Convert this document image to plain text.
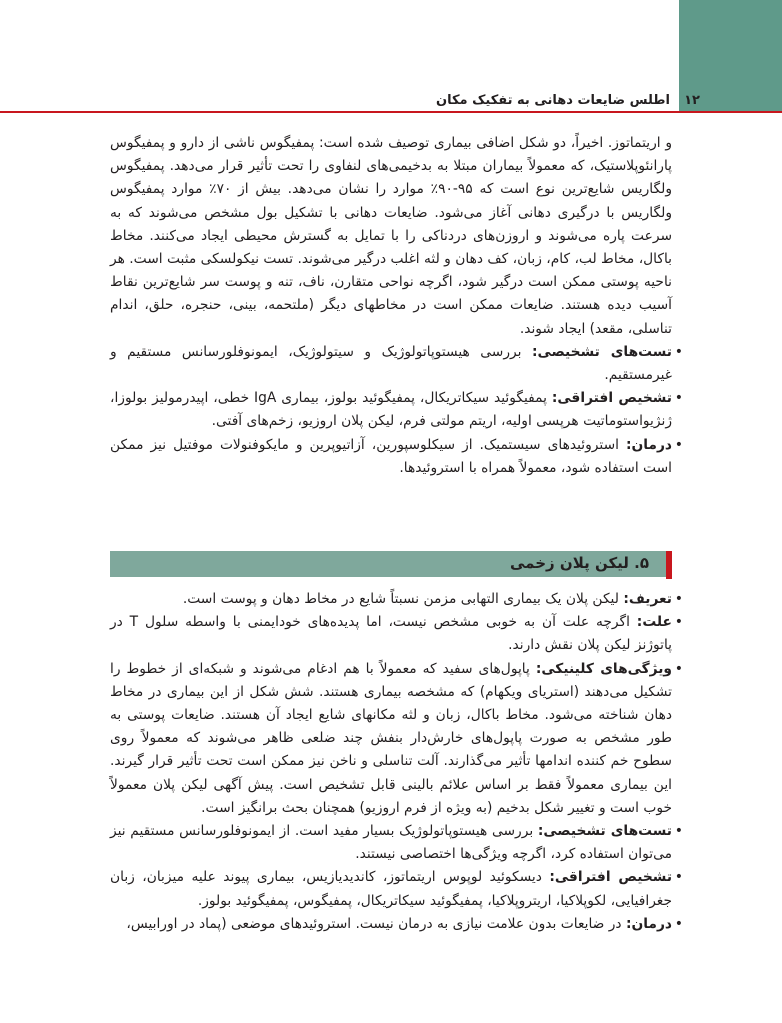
۱۲
اطلس ضایعات دهانی به تفکیک مکان

و اریتماتوز. اخیراً، دو شکل اضافی بیماری توصیف شده است: پمفیگوس ناشی از دارو و پمفیگوس پارانئوپلاستیک، که معمولاً بیماران مبتلا به بدخیمی‌های لنفاوی را تحت تأثیر قرار می‌دهد. پمفیگوس ولگاریس شایع‌ترین نوع است که ۹۵-۹۰٪ موارد را نشان می‌دهد. بیش از ۷۰٪ موارد پمفیگوس ولگاریس با درگیری دهانی آغاز می‌شود. ضایعات دهانی با تشکیل بول مشخص می‌شوند که به سرعت پاره می‌شوند و اروزن‌های دردناکی را با تمایل به گسترش محیطی ایجاد می‌کنند. مخاط باکال، مخاط لب، کام، زبان، کف دهان و لثه اغلب درگیر می‌شوند. تست نیکولسکی مثبت است. هر ناحیه پوستی ممکن است درگیر شود، اگرچه نواحی متقارن، ناف، تنه و پوست سر شایع‌ترین نقاط آسیب دیده هستند. ضایعات ممکن است در مخاطهای دیگر (ملتحمه، بینی، حنجره، حلق، اندام تناسلی، مقعد) ایجاد شوند.

•
تست‌های تشخیصی: بررسی هیستوپاتولوژیک و سیتولوژیک، ایمونوفلورسانس مستقیم و غیرمستقیم.
•
تشخیص افتراقی: پمفیگوئید سیکاتریکال، پمفیگوئید بولوز، بیماری IgA خطی، اپیدرمولیز بولوزا، ژنژیواستوماتیت هرپسی اولیه، اریتم مولتی فرم، لیکن پلان اروزیو، زخم‌های آفتی.
•
درمان: استروئیدهای سیستمیک. از سیکلوسپورین، آزاتیوپرین و مایکوفنولات موفتیل نیز ممکن است استفاده شود، معمولاً همراه با استروئیدها.
۵. لیکن پلان زخمی
•
تعریف: لیکن پلان یک بیماری التهابی مزمن نسبتاً شایع در مخاط دهان و پوست است.
•
علت: اگرچه علت آن به خوبی مشخص نیست، اما پدیده‌های خودایمنی با واسطه سلول T در پاتوژنز لیکن پلان نقش دارند.
•
ویژگی‌های کلینیکی: پاپول‌های سفید که معمولاً با هم ادغام می‌شوند و شبکه‌ای از خطوط را تشکیل می‌دهند (استریای ویکهام) که مشخصه بیماری هستند. شش شکل از این بیماری در مخاط دهان شناخته می‌شود. مخاط باکال، زبان و لثه مکانهای شایع ایجاد آن هستند. ضایعات پوستی به طور مشخص به صورت پاپول‌های خارش‌دار بنفش چند ضلعی ظاهر می‌شوند که معمولاً روی سطوح خم کننده اندامها تأثیر می‌گذارند. آلت تناسلی و ناخن نیز ممکن است تحت تأثیر قرار گیرند. این بیماری معمولاً فقط بر اساس علائم بالینی قابل تشخیص است. پیش آگهی لیکن پلان معمولاً خوب است و تغییر شکل بدخیم (به ویژه از فرم اروزیو) همچنان بحث برانگیز است.
•
تست‌های تشخیصی: بررسی هیستوپاتولوژیک بسیار مفید است. از ایمونوفلورسانس مستقیم نیز می‌توان استفاده کرد، اگرچه ویژگی‌ها اختصاصی نیستند.
•
تشخیص افتراقی: دیسکوئید لوپوس اریتماتوز، کاندیدیازیس، بیماری پیوند علیه میزبان، زبان جغرافیایی، لکوپلاکیا، اریتروپلاکیا، پمفیگوئید سیکاتریکال، پمفیگوس، پمفیگوئید بولوز.
•
درمان: در ضایعات بدون علامت نیازی به درمان نیست. استروئیدهای موضعی (پماد در اورابیس،
